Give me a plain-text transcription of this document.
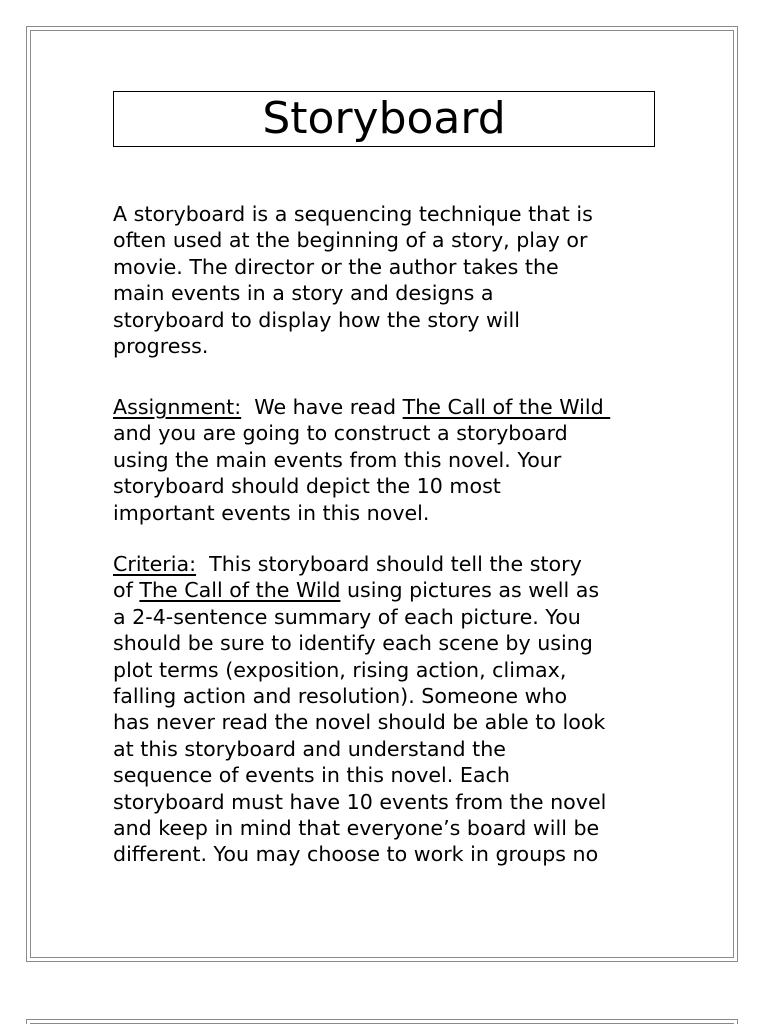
Storyboard

A storyboard is a sequencing technique that is
often used at the beginning of a story, play or
movie. The director or the author takes the
main events in a story and designs a
storyboard to display how the story will
progress.

Assignment:  We have read The Call of the Wild
and you are going to construct a storyboard
using the main events from this novel. Your
storyboard should depict the 10 most
important events in this novel.

Criteria:  This storyboard should tell the story
of The Call of the Wild using pictures as well as
a 2-4-sentence summary of each picture. You
should be sure to identify each scene by using
plot terms (exposition, rising action, climax,
falling action and resolution). Someone who
has never read the novel should be able to look
at this storyboard and understand the
sequence of events in this novel. Each
storyboard must have 10 events from the novel
and keep in mind that everyone’s board will be
different. You may choose to work in groups no
